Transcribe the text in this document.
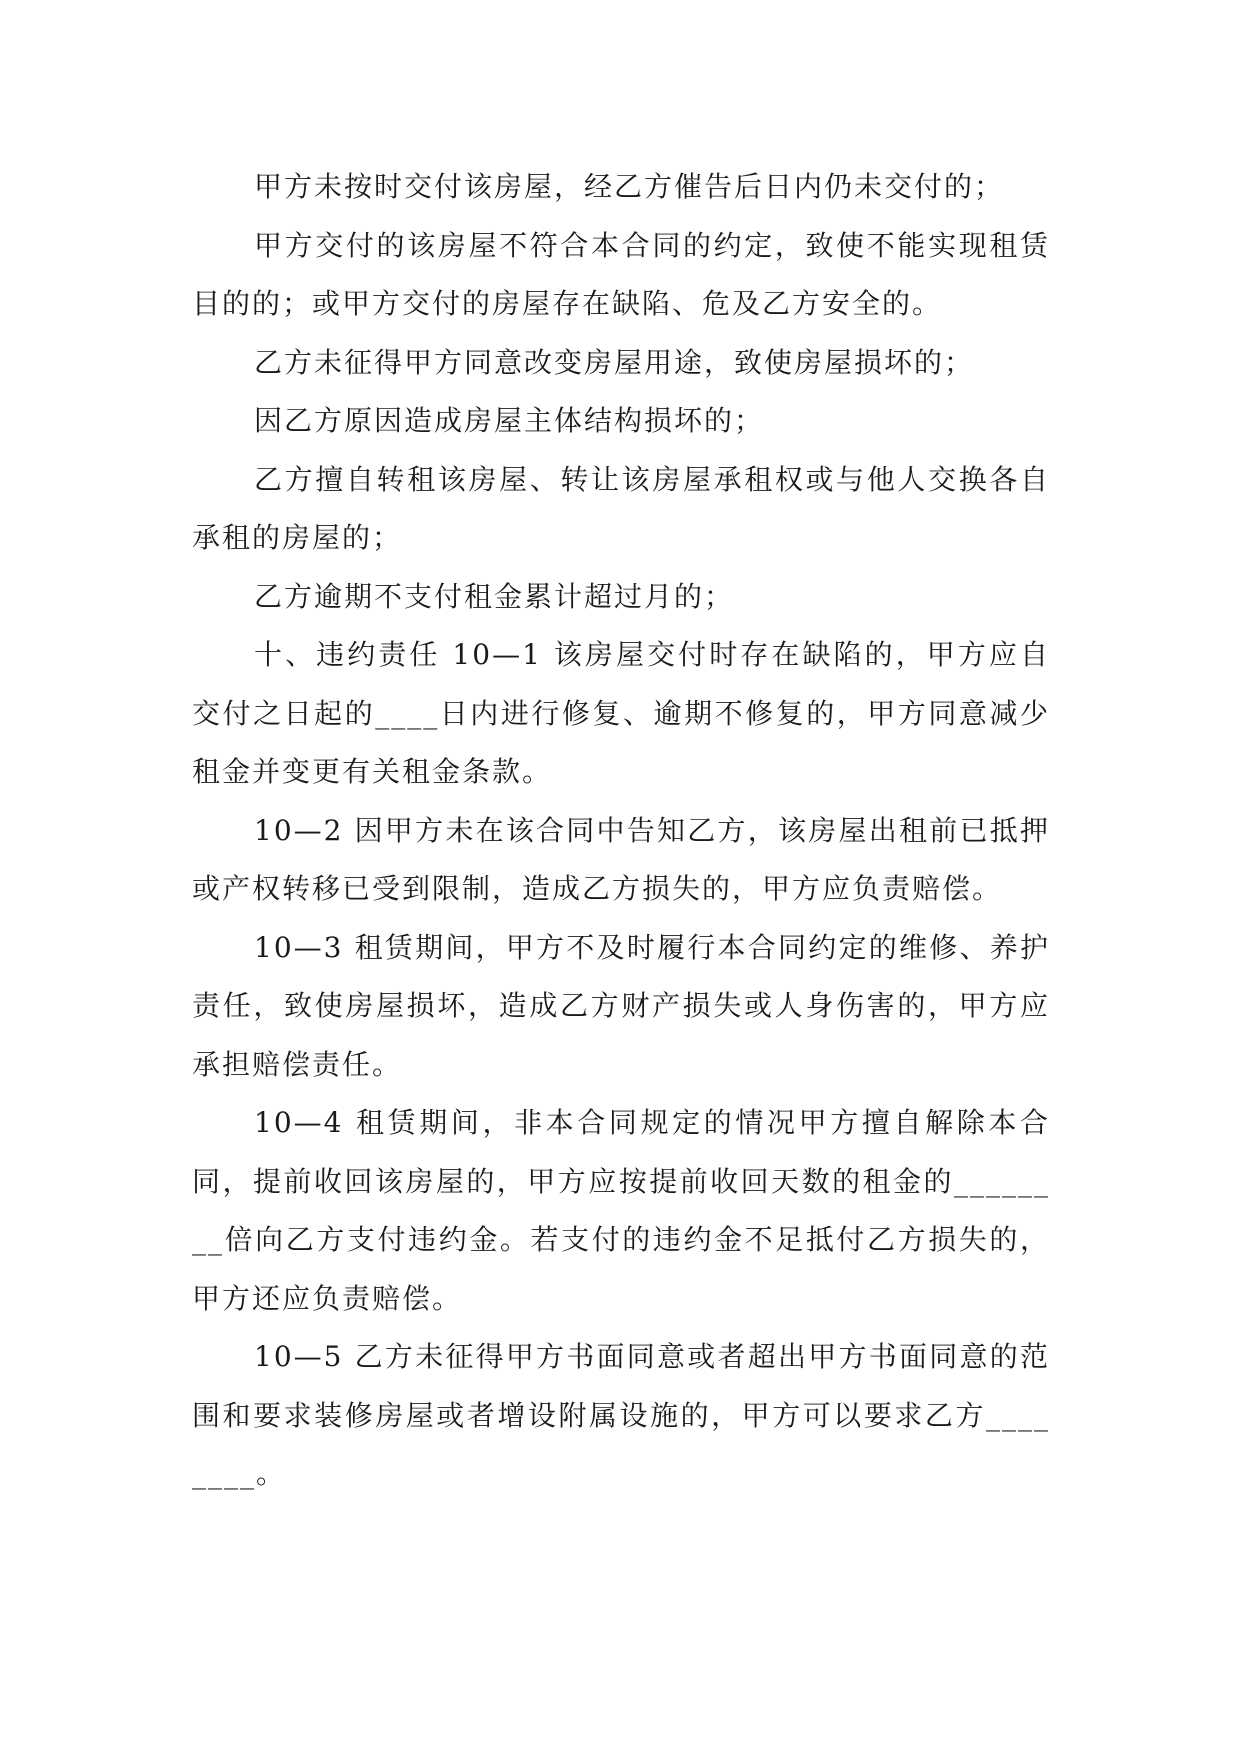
甲方未按时交付该房屋，经乙方催告后日内仍未交付的；

甲方交付的该房屋不符合本合同的约定，致使不能实现租赁目的的；或甲方交付的房屋存在缺陷、危及乙方安全的。

乙方未征得甲方同意改变房屋用途，致使房屋损坏的；

因乙方原因造成房屋主体结构损坏的；

乙方擅自转租该房屋、转让该房屋承租权或与他人交换各自承租的房屋的；

乙方逾期不支付租金累计超过月的；

十、违约责任 10—1 该房屋交付时存在缺陷的，甲方应自交付之日起的____日内进行修复、逾期不修复的，甲方同意减少租金并变更有关租金条款。

10—2 因甲方未在该合同中告知乙方，该房屋出租前已抵押或产权转移已受到限制，造成乙方损失的，甲方应负责赔偿。

10—3 租赁期间，甲方不及时履行本合同约定的维修、养护责任，致使房屋损坏，造成乙方财产损失或人身伤害的，甲方应承担赔偿责任。

10—4 租赁期间，非本合同规定的情况甲方擅自解除本合同，提前收回该房屋的，甲方应按提前收回天数的租金的________倍向乙方支付违约金。若支付的违约金不足抵付乙方损失的，甲方还应负责赔偿。

10—5 乙方未征得甲方书面同意或者超出甲方书面同意的范围和要求装修房屋或者增设附属设施的，甲方可以要求乙方________。
